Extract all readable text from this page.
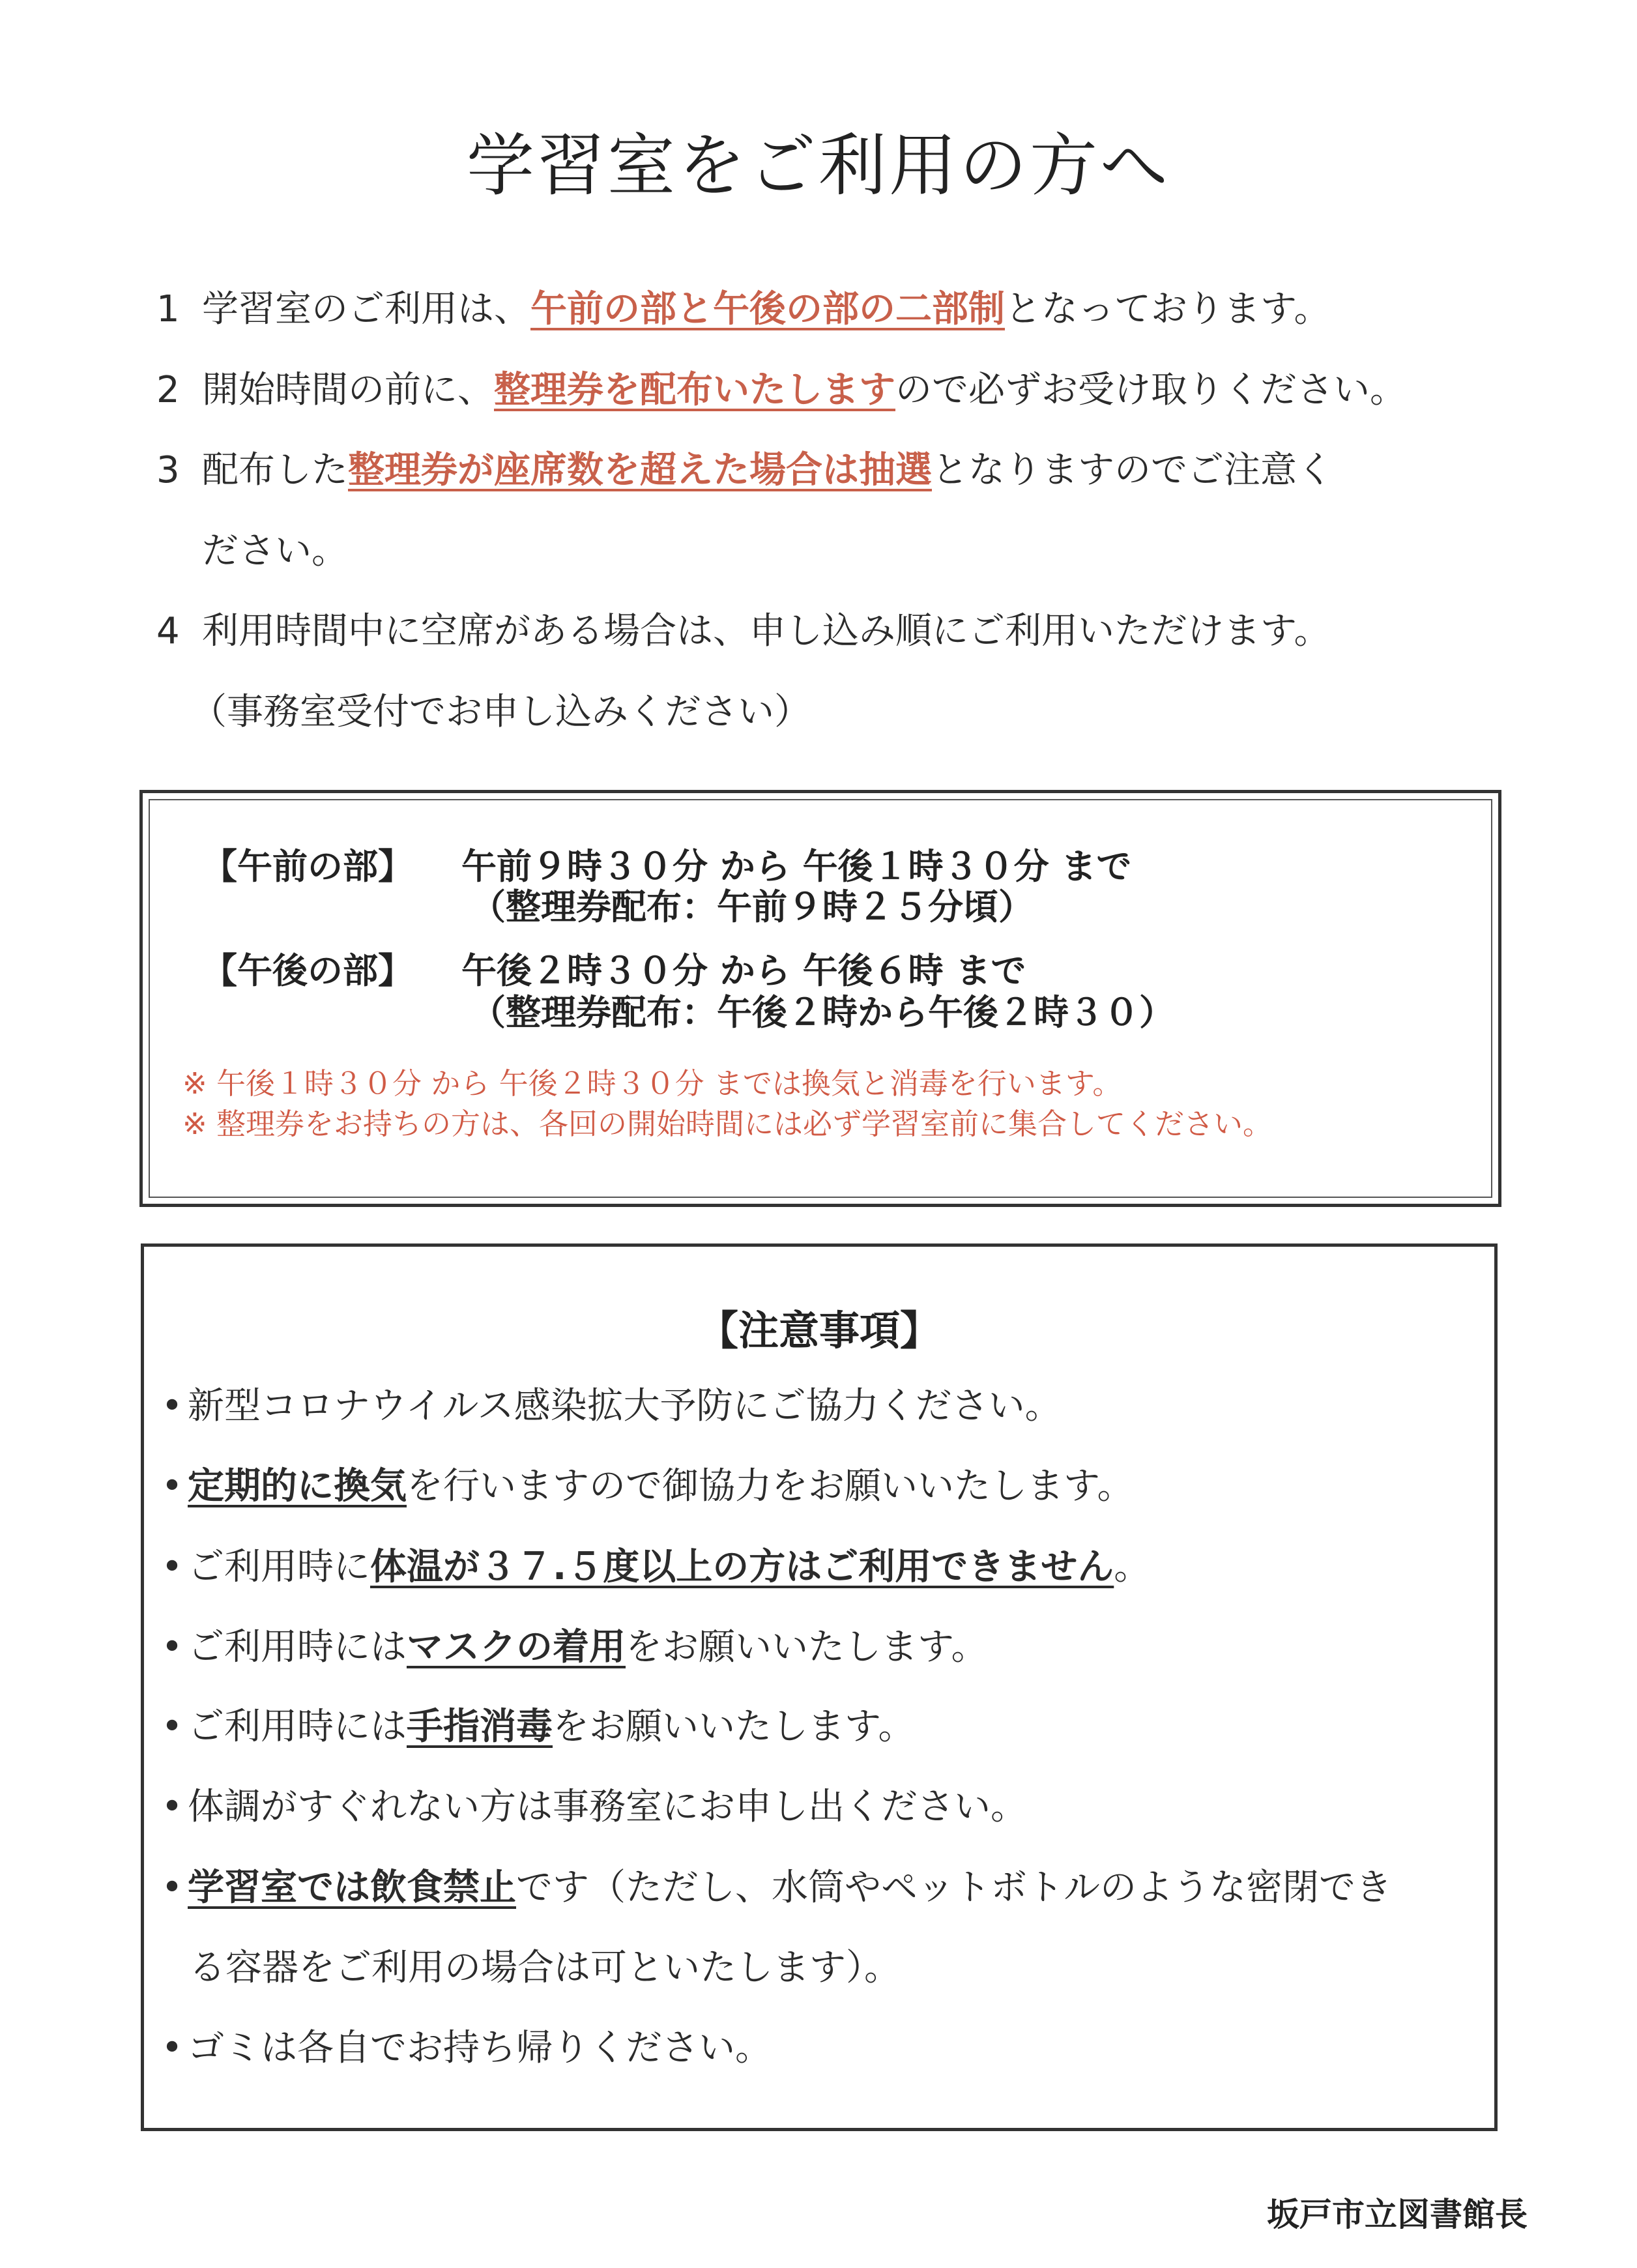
学習室をご利用の方へ
1 学習室のご利用は、午前の部と午後の部の二部制となっております。
2 開始時間の前に、整理券を配布いたしますので必ずお受け取りください。
3 配布した整理券が座席数を超えた場合は抽選となりますのでご注意く
ださい。
4 利用時間中に空席がある場合は、申し込み順にご利用いただけます。
（事務室受付でお申し込みください）
【午前の部】 午前９時３０分 から 午後１時３０分 まで
（整理券配布：午前９時２５分頃）
【午後の部】 午後２時３０分 から 午後６時 まで
（整理券配布：午後２時から午後２時３０）
※ 午後１時３０分 から 午後２時３０分 までは換気と消毒を行います。
※ 整理券をお持ちの方は、各回の開始時間には必ず学習室前に集合してください。
【注意事項】
• 新型コロナウイルス感染拡大予防にご協力ください。
• 定期的に換気を行いますので御協力をお願いいたします。
• ご利用時に体温が３７.５度以上の方はご利用できません。
• ご利用時にはマスクの着用をお願いいたします。
• ご利用時には手指消毒をお願いいたします。
• 体調がすぐれない方は事務室にお申し出ください。
• 学習室では飲食禁止です（ただし、水筒やペットボトルのような密閉でき
る容器をご利用の場合は可といたします）。
• ゴミは各自でお持ち帰りください。
坂戸市立図書館長
